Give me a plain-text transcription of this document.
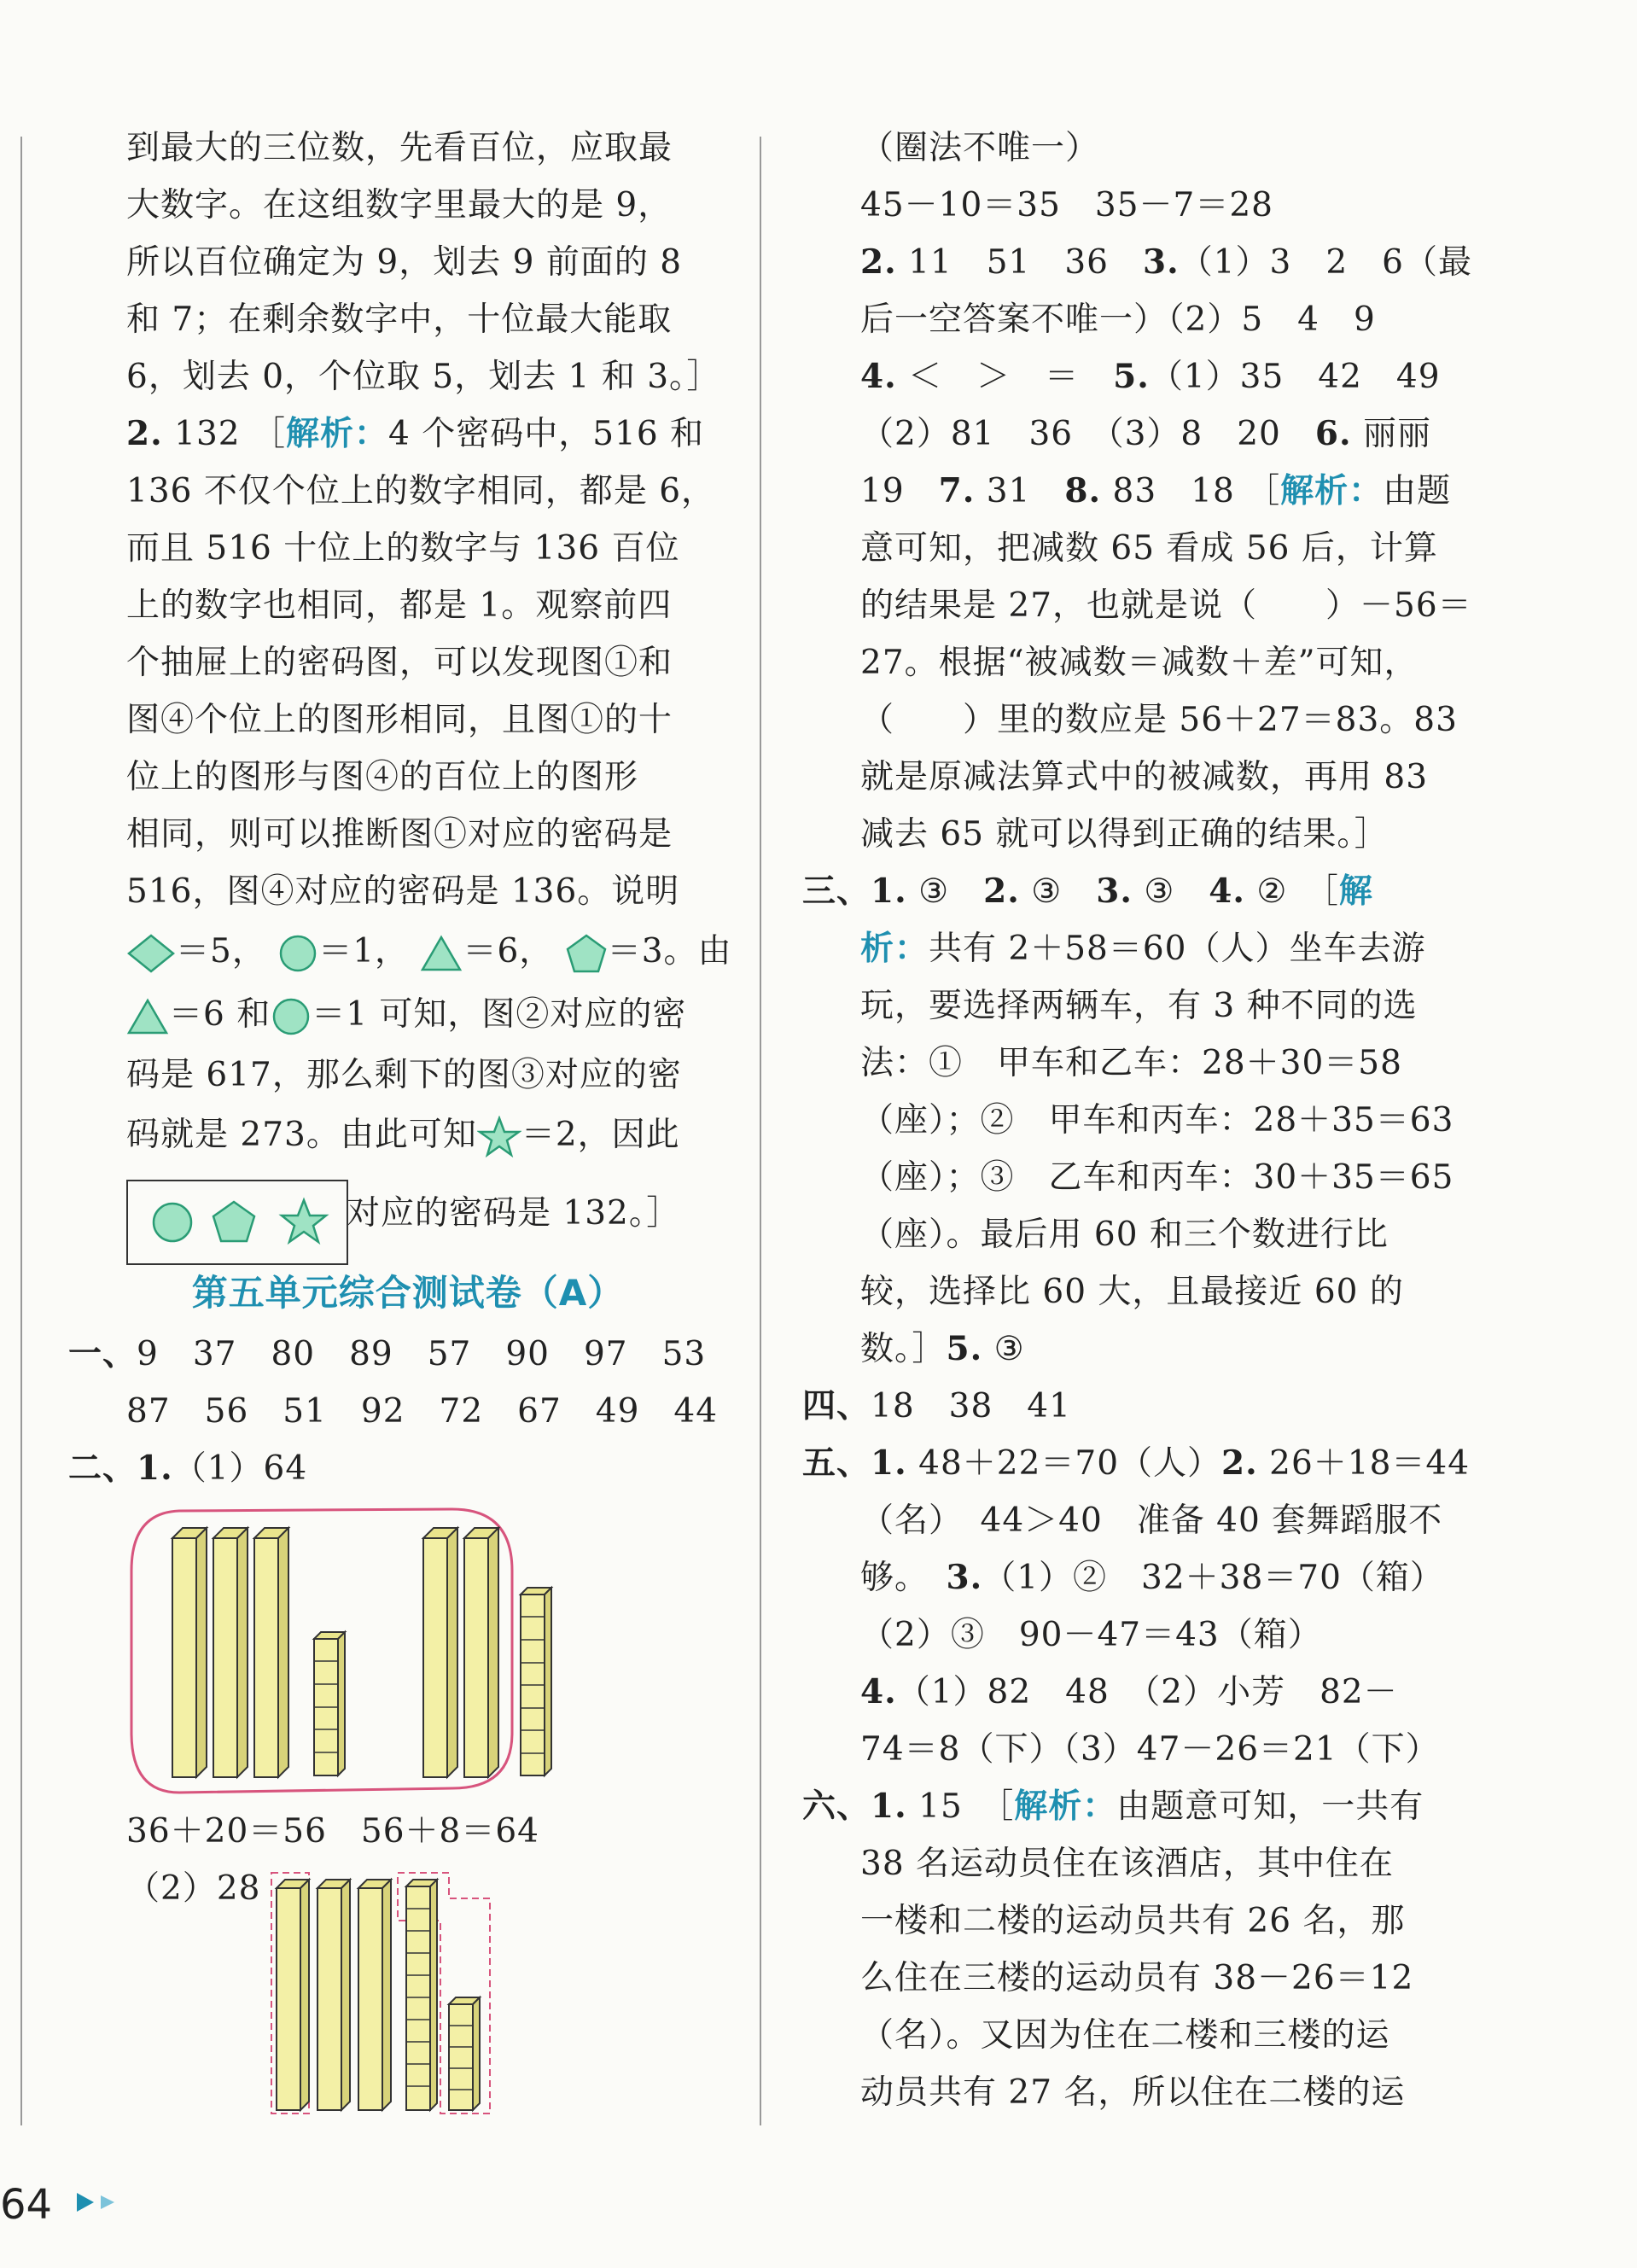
到最大的三位数，先看百位，应取最
大数字。在这组数字里最大的是 9，
所以百位确定为 9，划去 9 前面的 8
和 7；在剩余数字中，十位最大能取
6，划去 0，个位取 5，划去 1 和 3。］
2. 132 ［解析：4 个密码中，516 和
136 不仅个位上的数字相同，都是 6，
而且 516 十位上的数字与 136 百位
上的数字也相同，都是 1。观察前四
个抽屉上的密码图，可以发现图①和
图④个位上的图形相同，且图①的十
位上的图形与图④的百位上的图形
相同，则可以推断图①对应的密码是
516，图④对应的密码是 136。说明
＝5， ＝1， ＝6， ＝3。由
＝6 和 ＝1 可知，图②对应的密
码是 617，那么剩下的图③对应的密
码就是 273。由此可知 ＝2，因此
对应的密码是 132。］
第五单元综合测试卷（A）
一、9　37　80　89　57　90　97　53
87　56　51　92　72　67　49　44
二、1.（1）64
36＋20＝56　56＋8＝64
（2）28
（圈法不唯一）
45－10＝35　35－7＝28
2. 11　51　36　3.（1）3　2　6（最
后一空答案不唯一）（2）5　4　9
4. ＜　＞　＝　5.（1）35　42　49
（2）81　36　（3）8　20　6. 丽丽
19　7. 31　8. 83　18 ［解析：由题
意可知，把减数 65 看成 56 后，计算
的结果是 27，也就是说（　　）－56＝
27。根据“被减数＝减数＋差”可知，
（　　）里的数应是 56＋27＝83。83
就是原减法算式中的被减数，再用 83
减去 65 就可以得到正确的结果。］
三、1. ③　2. ③　3. ③　4. ②　［解
析：共有 2＋58＝60（人）坐车去游
玩，要选择两辆车，有 3 种不同的选
法：①　甲车和乙车：28＋30＝58
（座）；②　甲车和丙车：28＋35＝63
（座）；③　乙车和丙车：30＋35＝65
（座）。最后用 60 和三个数进行比
较，选择比 60 大，且最接近 60 的
数。］5. ③
四、18　38　41
五、1. 48＋22＝70（人）2. 26＋18＝44
（名）　44＞40　准备 40 套舞蹈服不
够。　3.（1）②　32＋38＝70（箱）
（2）③　90－47＝43（箱）
4.（1）82　48　（2）小芳　82－
74＝8（下）（3）47－26＝21（下）
六、1. 15　［解析：由题意可知，一共有
38 名运动员住在该酒店，其中住在
一楼和二楼的运动员共有 26 名，那
么住在三楼的运动员有 38－26＝12
（名）。又因为住在二楼和三楼的运
动员共有 27 名，所以住在二楼的运
64
